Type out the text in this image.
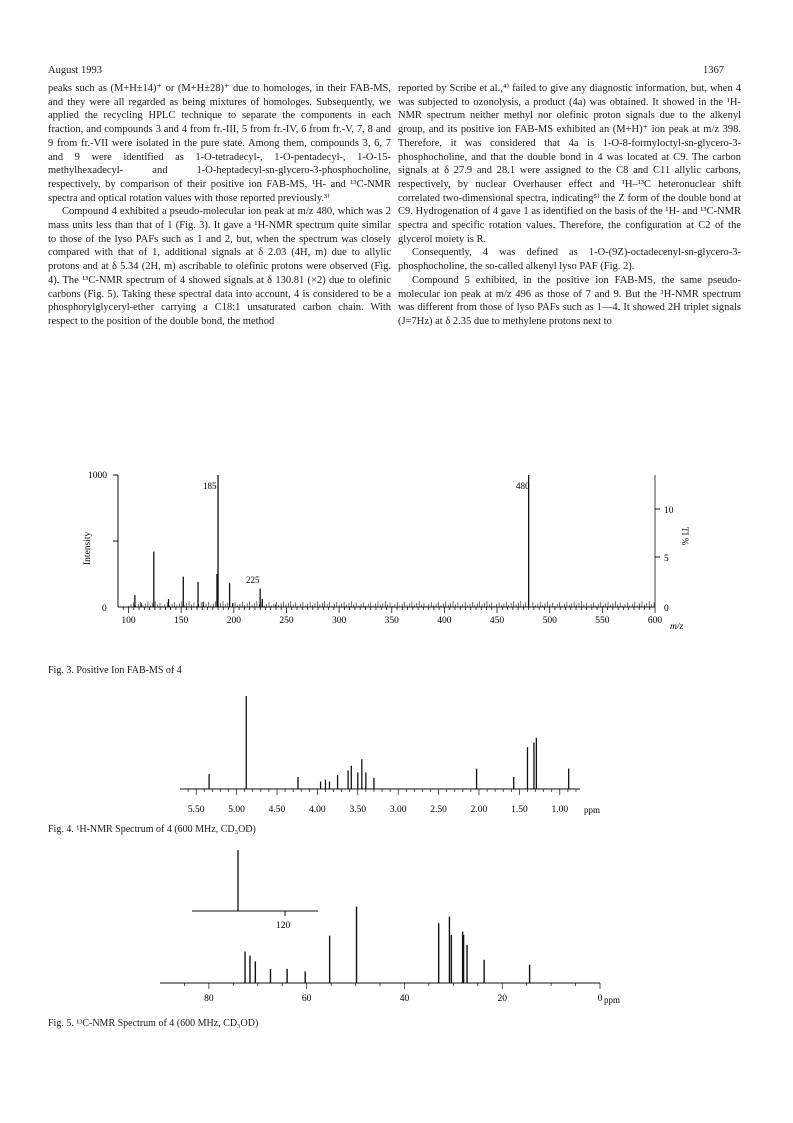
August 1993	1367

peaks such as (M+H±14)⁺ or (M+H±28)⁺ due to homologes, in their FAB-MS, and they were all regarded as being mixtures of homologes. Subsequently, we applied the recycling HPLC technique to separate the components in each fraction, and compounds 3 and 4 from fr.-III, 5 from fr.-IV, 6 from fr.-V, 7, 8 and 9 from fr.-VII were isolated in the pure state. Among them, compounds 3, 6, 7 and 9 were identified as 1-O-tetradecyl-, 1-O-pentadecyl-, 1-O-15-methylhexadecyl- and 1-O-heptadecyl-sn-glycero-3-phosphocholine, respectively, by comparison of their positive ion FAB-MS, ¹H- and ¹³C-NMR spectra and optical rotation values with those reported previously.³⁾

Compound 4 exhibited a pseudo-molecular ion peak at m/z 480, which was 2 mass units less than that of 1 (Fig. 3). It gave a ¹H-NMR spectrum quite similar to those of the lyso PAFs such as 1 and 2, but, when the spectrum was closely compared with that of 1, additional signals at δ 2.03 (4H, m) due to allylic protons and at δ 5.34 (2H, m) ascribable to olefinic protons were observed (Fig. 4). The ¹³C-NMR spectrum of 4 showed signals at δ 130.81 (×2) due to olefinic carbons (Fig. 5). Taking these spectral data into account, 4 is considered to be a phosphorylglyceryl-ether carrying a C18:1 unsaturated carbon chain. With respect to the position of the double bond, the method

reported by Scribe et al.,⁴⁾ failed to give any diagnostic information, but, when 4 was subjected to ozonolysis, a product (4a) was obtained. It showed in the ¹H-NMR spectrum neither methyl nor olefinic proton signals due to the alkenyl group, and its positive ion FAB-MS exhibited an (M+H)⁺ ion peak at m/z 398. Therefore, it was considered that 4a is 1-O-8-formyloctyl-sn-glycero-3-phosphocholine, and that the double bond in 4 was located at C9. The carbon signals at δ 27.9 and 28.1 were assigned to the C8 and C11 allylic carbons, respectively, by nuclear Overhauser effect and ¹H–¹³C heteronuclear shift correlated two-dimensional spectra, indicating⁵⁾ the Z form of the double bond at C9. Hydrogenation of 4 gave 1 as identified on the basis of the ¹H- and ¹³C-NMR spectra and specific rotation values. Therefore, the configuration at C2 of the glycerol moiety is R.

Consequently, 4 was defined as 1-O-(9Z)-octadecenyl-sn-glycero-3-phosphocholine, the so-called alkenyl lyso PAF (Fig. 2).

Compound 5 exhibited, in the positive ion FAB-MS, the same pseudo-molecular ion peak at m/z 496 as those of 7 and 9. But the ¹H-NMR spectrum was different from those of lyso PAFs such as 1—4. It showed 2H triplet signals (J=7Hz) at δ 2.35 due to methylene protons next to

1000
0
Intensity
10
5
0
TI %
100	150	200	250	300	350	400	450	500	550	600
185
225
480
m/z
Fig. 3. Positive Ion FAB-MS of 4
5.50	5.00	4.50	4.00	3.50	3.00	2.50	2.00	1.50	1.00 ppm
Fig. 4. ¹H-NMR Spectrum of 4 (600 MHz, CD₃OD)
120
80	60	40	20	0 ppm
Fig. 5. ¹³C-NMR Spectrum of 4 (600 MHz, CD₃OD)
